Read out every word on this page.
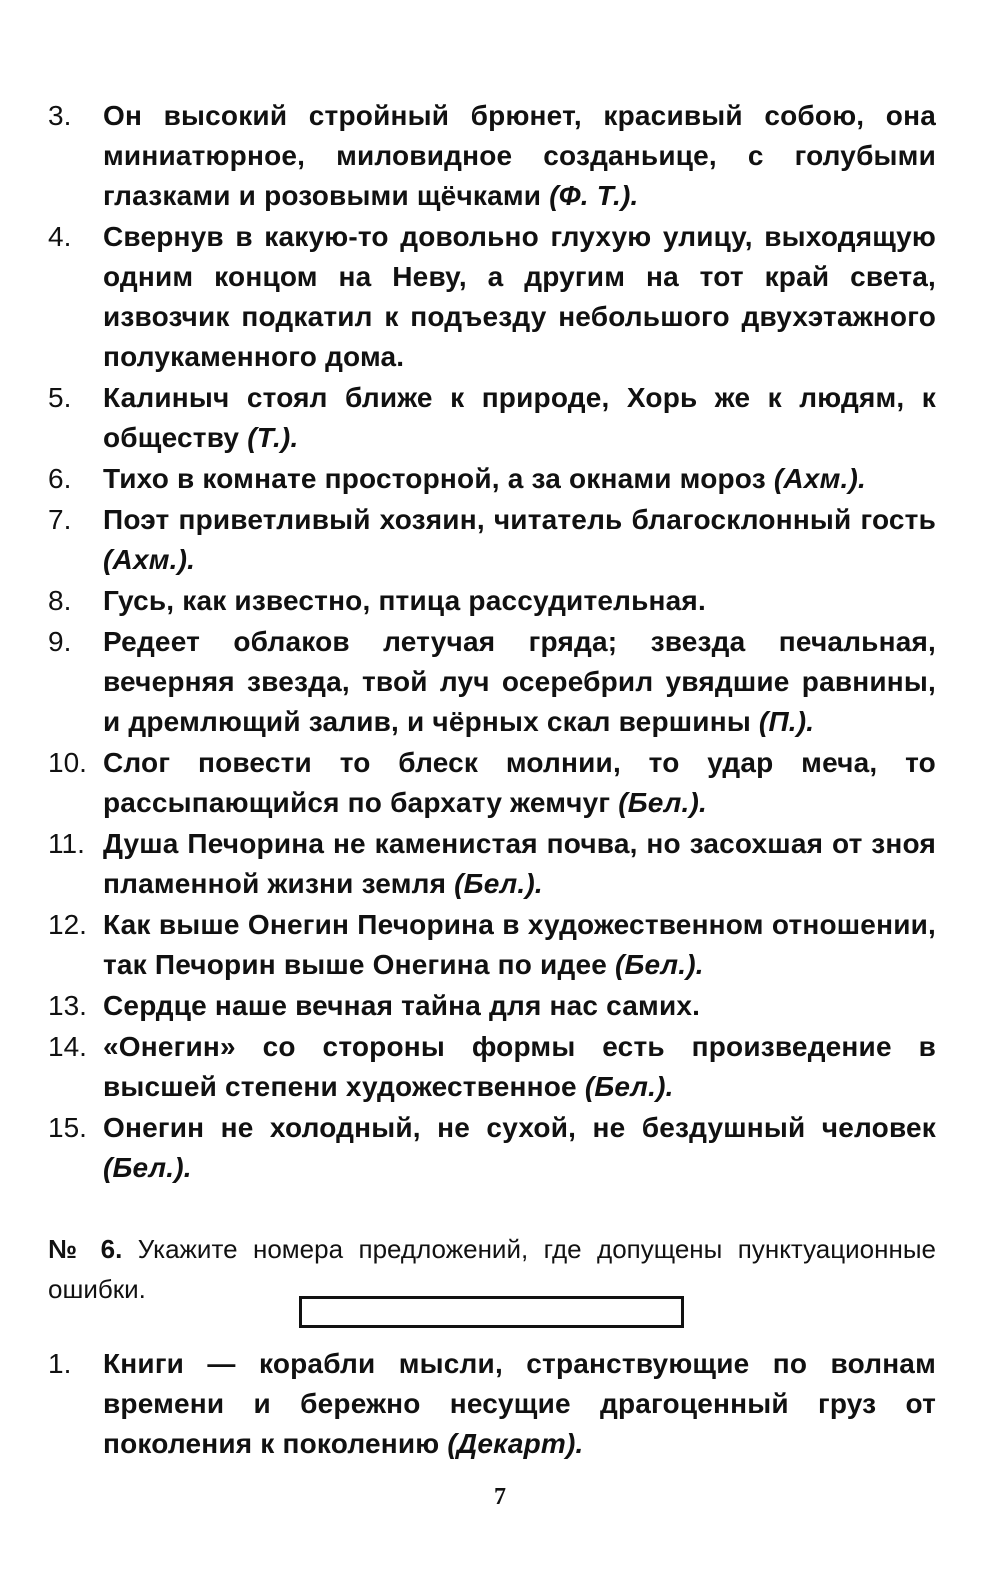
3.	Он высокий стройный брюнет, красивый собою, она миниатюрное, миловидное созданьице, с голубыми глазками и розовыми щёчками (Ф. Т.).
4.	Свернув в какую-то довольно глухую улицу, выходящую одним концом на Неву, а другим на тот край света, извозчик подкатил к подъезду небольшого двухэтажного полукаменного дома.
5.	Калиныч стоял ближе к природе, Хорь же к людям, к обществу (Т.).
6.	Тихо в комнате просторной, а за окнами мороз (Ахм.).
7.	Поэт приветливый хозяин, читатель благосклонный гость (Ахм.).
8.	Гусь, как известно, птица рассудительная.
9.	Редеет облаков летучая гряда; звезда печальная, вечерняя звезда, твой луч осеребрил увядшие равнины, и дремлющий залив, и чёрных скал вершины (П.).
10. Слог повести то блеск молнии, то удар меча, то рассыпающийся по бархату жемчуг (Бел.).
11. Душа Печорина не каменистая почва, но засохшая от зноя пламенной жизни земля (Бел.).
12. Как выше Онегин Печорина в художественном отношении, так Печорин выше Онегина по идее (Бел.).
13. Сердце наше вечная тайна для нас самих.
14. «Онегин» со стороны формы есть произведение в высшей степени художественное (Бел.).
15. Онегин не холодный, не сухой, не бездушный человек (Бел.).

№ 6. Укажите номера предложений, где допущены пунктуационные ошибки.

1.	Книги — корабли мысли, странствующие по волнам времени и бережно несущие драгоценный груз от поколения к поколению (Декарт).
7
